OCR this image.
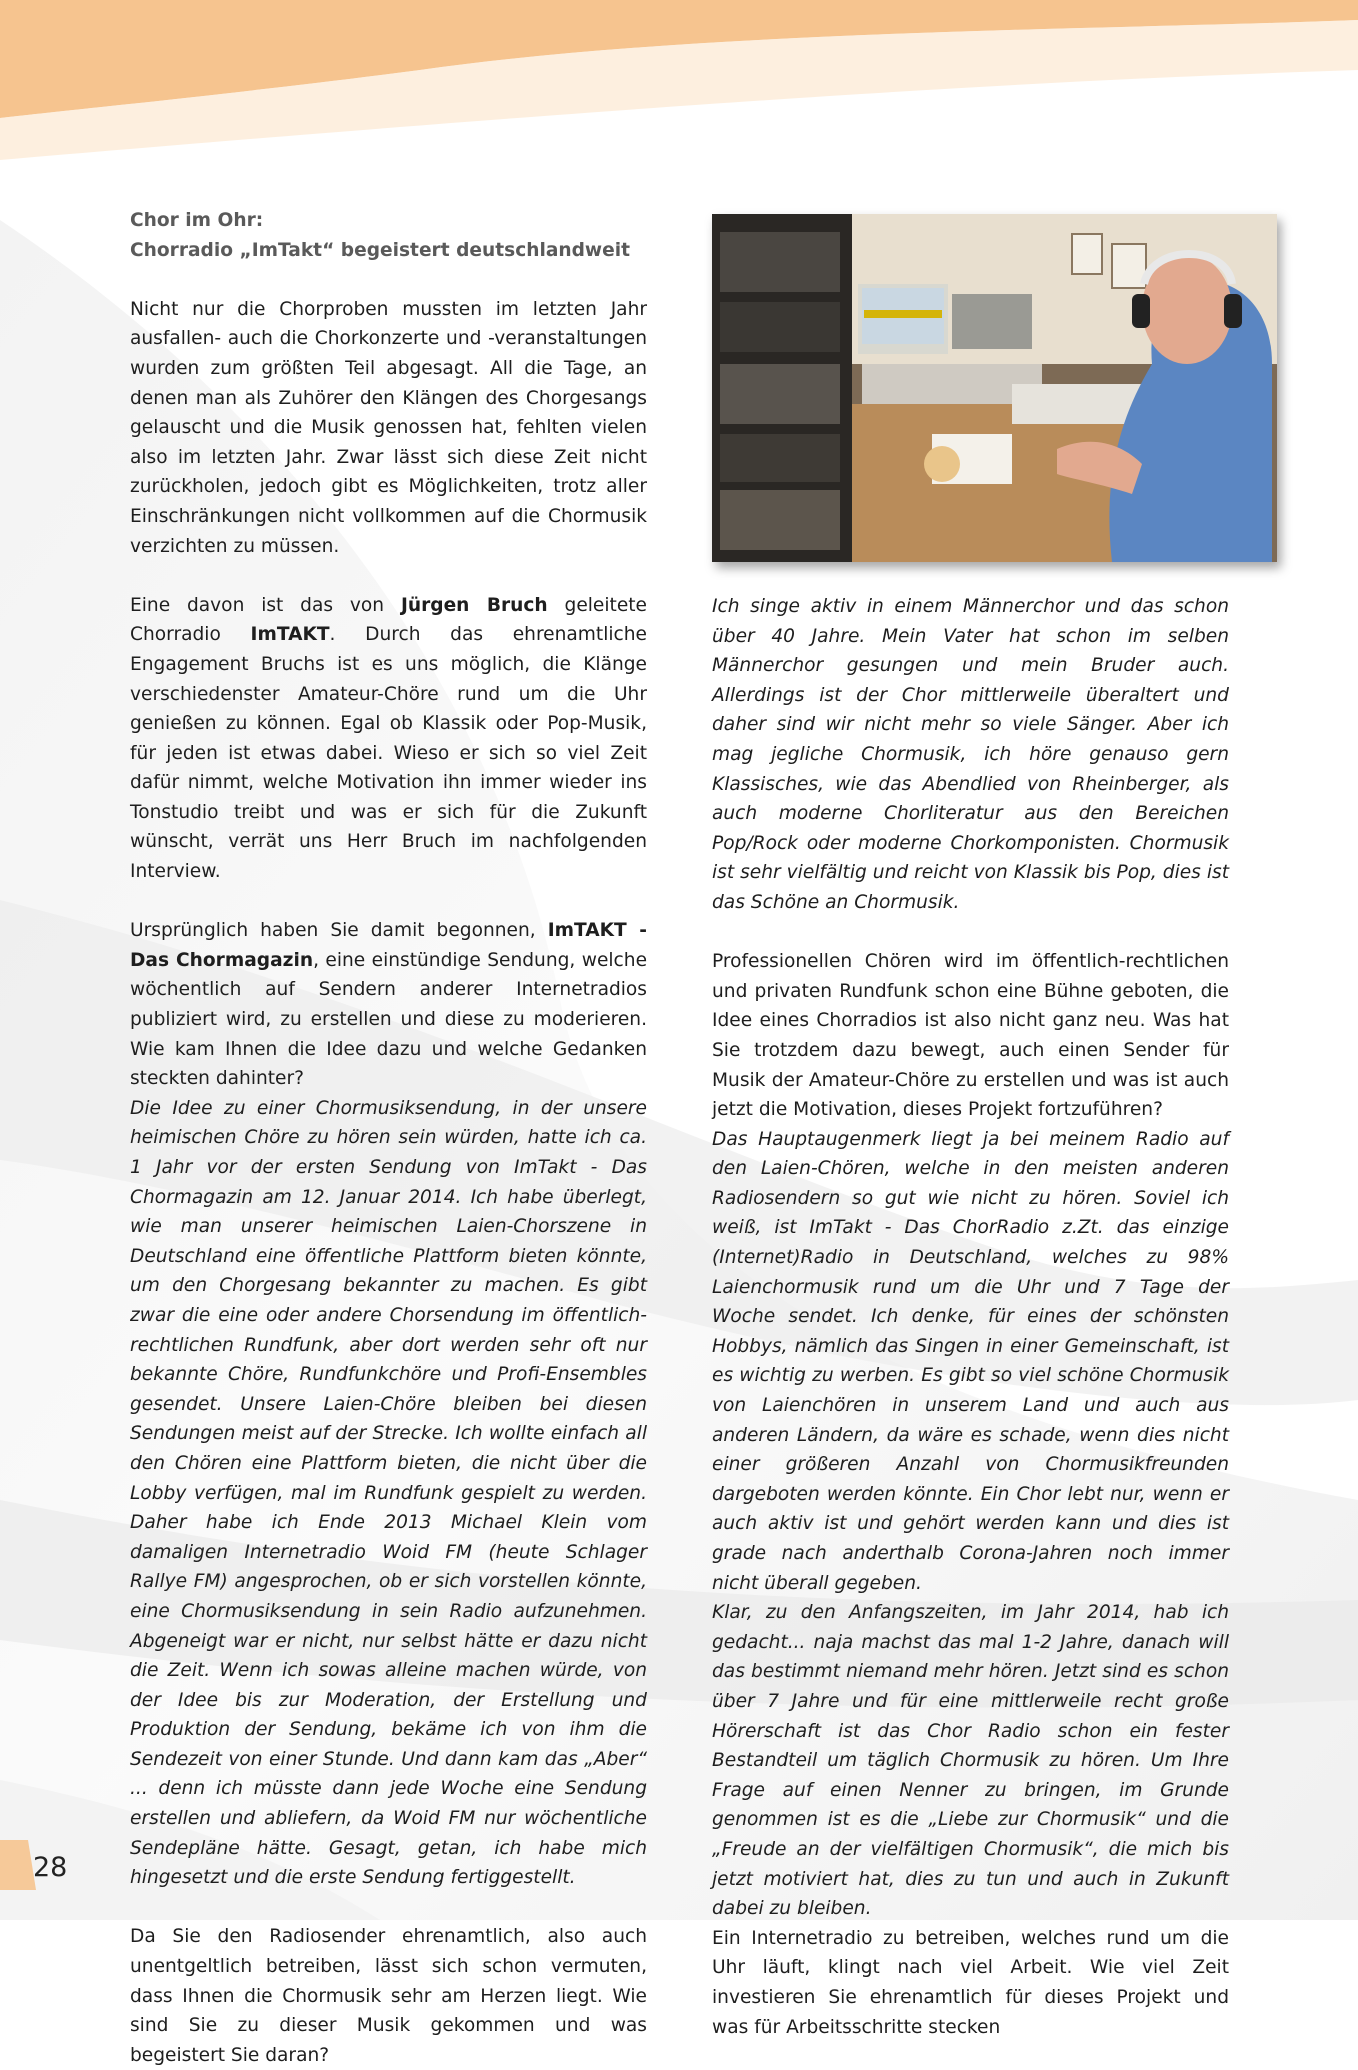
Chor im Ohr:
Chorradio „ImTakt“ begeistert deutschlandweit

Nicht nur die Chorproben mussten im letzten Jahr ausfallen- auch die Chorkonzerte und -veranstaltungen wurden zum größten Teil abgesagt. All die Tage, an denen man als Zuhörer den Klängen des Chorgesangs gelauscht und die Musik genossen hat, fehlten vielen also im letzten Jahr. Zwar lässt sich diese Zeit nicht zurückholen, jedoch gibt es Möglichkeiten, trotz aller Einschränkungen nicht vollkommen auf die Chormusik verzichten zu müssen.

Eine davon ist das von Jürgen Bruch geleitete Chorradio ImTAKT. Durch das ehrenamtliche Engagement Bruchs ist es uns möglich, die Klänge verschiedenster Amateur-Chöre rund um die Uhr genießen zu können. Egal ob Klassik oder Pop-Musik, für jeden ist etwas dabei. Wieso er sich so viel Zeit dafür nimmt, welche Motivation ihn immer wieder ins Tonstudio treibt und was er sich für die Zukunft wünscht, verrät uns Herr Bruch im nachfolgenden Interview.

Ursprünglich haben Sie damit begonnen, ImTAKT - Das Chormagazin, eine einstündige Sendung, welche wöchentlich auf Sendern anderer Internetradios publiziert wird, zu erstellen und diese zu moderieren. Wie kam Ihnen die Idee dazu und welche Gedanken steckten dahinter?

Die Idee zu einer Chormusiksendung, in der unsere heimischen Chöre zu hören sein würden, hatte ich ca. 1 Jahr vor der ersten Sendung von ImTakt - Das Chormagazin am 12. Januar 2014. Ich habe überlegt, wie man unserer heimischen Laien-Chorszene in Deutschland eine öffentliche Plattform bieten könnte, um den Chorgesang bekannter zu machen. Es gibt zwar die eine oder andere Chorsendung im öffentlich-rechtlichen Rundfunk, aber dort werden sehr oft nur bekannte Chöre, Rundfunkchöre und Profi-Ensembles gesendet. Unsere Laien-Chöre bleiben bei diesen Sendungen meist auf der Strecke. Ich wollte einfach all den Chören eine Plattform bieten, die nicht über die Lobby verfügen, mal im Rundfunk gespielt zu werden. Daher habe ich Ende 2013 Michael Klein vom damaligen Internetradio Woid FM (heute Schlager Rallye FM) angesprochen, ob er sich vorstellen könnte, eine Chormusiksendung in sein Radio aufzunehmen. Abgeneigt war er nicht, nur selbst hätte er dazu nicht die Zeit. Wenn ich sowas alleine machen würde, von der Idee bis zur Moderation, der Erstellung und Produktion der Sendung, bekäme ich von ihm die Sendezeit von einer Stunde. Und dann kam das „Aber“ ... denn ich müsste dann jede Woche eine Sendung erstellen und abliefern, da Woid FM nur wöchentliche Sendepläne hätte. Gesagt, getan, ich habe mich hingesetzt und die erste Sendung fertiggestellt.

Da Sie den Radiosender ehrenamtlich, also auch unentgeltlich betreiben, lässt sich schon vermuten, dass Ihnen die Chormusik sehr am Herzen liegt. Wie sind Sie zu dieser Musik gekommen und was begeistert Sie daran?

Ich singe aktiv in einem Männerchor und das schon über 40 Jahre. Mein Vater hat schon im selben Männerchor gesungen und mein Bruder auch. Allerdings ist der Chor mittlerweile überaltert und daher sind wir nicht mehr so viele Sänger. Aber ich mag jegliche Chormusik, ich höre genauso gern Klassisches, wie das Abendlied von Rheinberger, als auch moderne Chorliteratur aus den Bereichen Pop/Rock oder moderne Chorkomponisten. Chormusik ist sehr vielfältig und reicht von Klassik bis Pop, dies ist das Schöne an Chormusik.

Professionellen Chören wird im öffentlich-rechtlichen und privaten Rundfunk schon eine Bühne geboten, die Idee eines Chorradios ist also nicht ganz neu. Was hat Sie trotzdem dazu bewegt, auch einen Sender für Musik der Amateur-Chöre zu erstellen und was ist auch jetzt die Motivation, dieses Projekt fortzuführen?

Das Hauptaugenmerk liegt ja bei meinem Radio auf den Laien-Chören, welche in den meisten anderen Radiosendern so gut wie nicht zu hören. Soviel ich weiß, ist ImTakt - Das ChorRadio z.Zt. das einzige (Internet)Radio in Deutschland, welches zu 98% Laienchormusik rund um die Uhr und 7 Tage der Woche sendet. Ich denke, für eines der schönsten Hobbys, nämlich das Singen in einer Gemeinschaft, ist es wichtig zu werben. Es gibt so viel schöne Chormusik von Laienchören in unserem Land und auch aus anderen Ländern, da wäre es schade, wenn dies nicht einer größeren Anzahl von Chormusikfreunden dargeboten werden könnte. Ein Chor lebt nur, wenn er auch aktiv ist und gehört werden kann und dies ist grade nach anderthalb Corona-Jahren noch immer nicht überall gegeben.

Klar, zu den Anfangszeiten, im Jahr 2014, hab ich gedacht... naja machst das mal 1-2 Jahre, danach will das bestimmt niemand mehr hören. Jetzt sind es schon über 7 Jahre und für eine mittlerweile recht große Hörerschaft ist das Chor Radio schon ein fester Bestandteil um täglich Chormusik zu hören. Um Ihre Frage auf einen Nenner zu bringen, im Grunde genommen ist es die „Liebe zur Chormusik“ und die „Freude an der vielfältigen Chormusik“, die mich bis jetzt motiviert hat, dies zu tun und auch in Zukunft dabei zu bleiben.

Ein Internetradio zu betreiben, welches rund um die Uhr läuft, klingt nach viel Arbeit. Wie viel Zeit investieren Sie ehrenamtlich für dieses Projekt und was für Arbeitsschritte stecken

28
